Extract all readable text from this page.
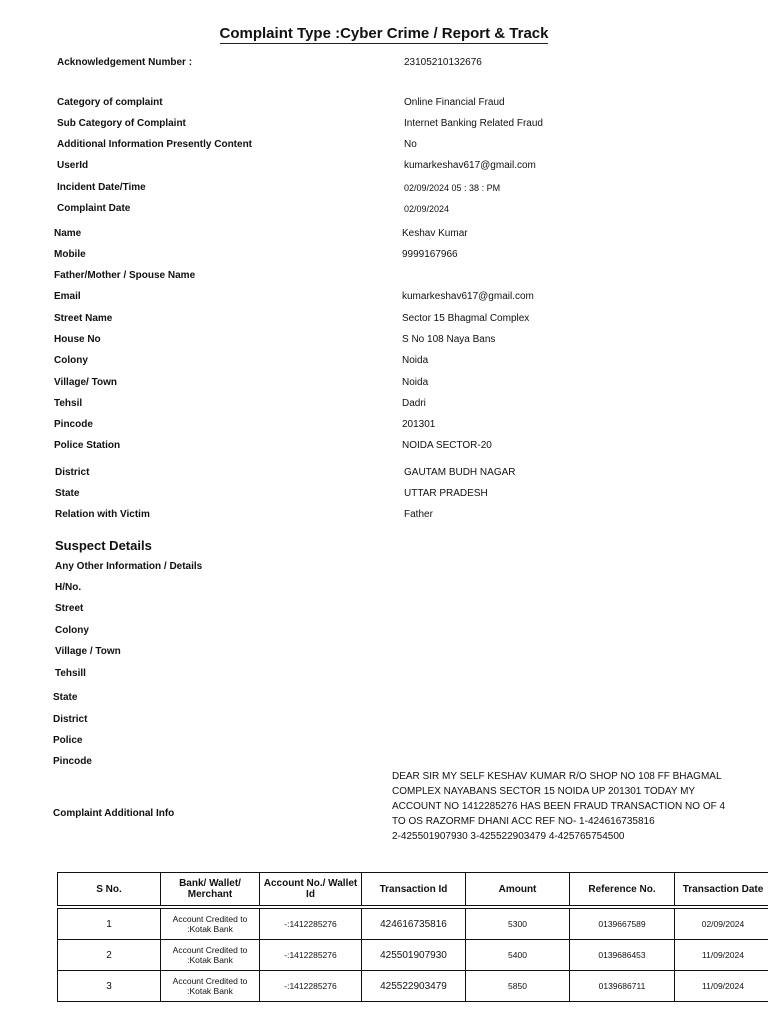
Complaint Type :Cyber Crime / Report & Track
Acknowledgement Number :	23105210132676
Category of complaint	Online Financial Fraud
Sub Category of Complaint	Internet Banking Related Fraud
Additional Information Presently Content	No
UserId	kumarkeshav617@gmail.com
Incident Date/Time	02/09/2024 05 : 38 : PM
Complaint Date	02/09/2024
Name	Keshav Kumar
Mobile	9999167966
Father/Mother / Spouse Name
Email	kumarkeshav617@gmail.com
Street Name	Sector 15 Bhagmal Complex
House No	S No 108 Naya Bans
Colony	Noida
Village/ Town	Noida
Tehsil	Dadri
Pincode	201301
Police Station	NOIDA SECTOR-20
District	GAUTAM BUDH NAGAR
State	UTTAR PRADESH
Relation with Victim	Father
Suspect Details
Any Other Information / Details
H/No.
Street
Colony
Village / Town
Tehsill
State
District
Police
Pincode
Complaint Additional Info
DEAR SIR MY SELF KESHAV KUMAR R/O SHOP NO 108 FF BHAGMAL
COMPLEX NAYABANS SECTOR 15 NOIDA UP 201301 TODAY MY
ACCOUNT NO 1412285276 HAS BEEN FRAUD TRANSACTION NO OF 4
TO OS RAZORMF DHANI ACC REF NO- 1-424616735816
2-425501907930 3-425522903479 4-425765754500
S No.	Bank/ Wallet/ Merchant	Account No./ Wallet Id	Transaction Id	Amount	Reference No.	Transaction Date

1	Account Credited to :Kotak Bank	-:1412285276	424616735816	5300	0139667589	02/09/2024
2	Account Credited to :Kotak Bank	-:1412285276	425501907930	5400	0139686453	11/09/2024
3	Account Credited to :Kotak Bank	-:1412285276	425522903479	5850	0139686711	11/09/2024
